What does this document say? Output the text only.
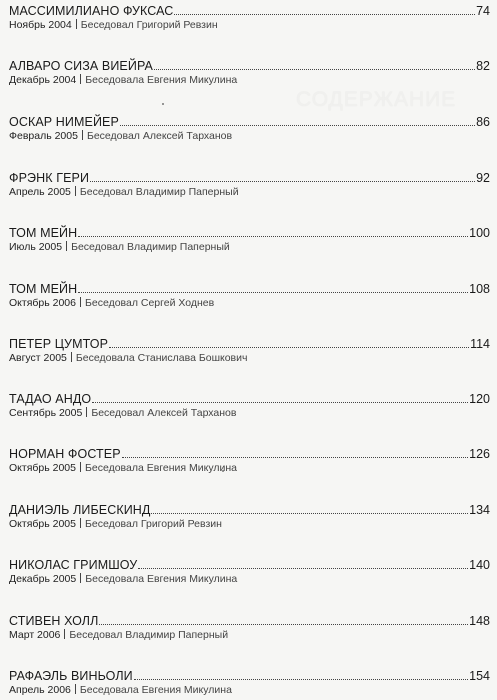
СОДЕРЖАНИЕ
МАССИМИЛИАНО ФУКСАС	74
Ноябрь 2004 Беседовал Григорий Ревзин
АЛВАРО СИЗА ВИЕЙРА	82
Декабрь 2004 Беседовала Евгения Микулина
ОСКАР НИМЕЙЕР	86
Февраль 2005 Беседовал Алексей Тарханов
ФРЭНК ГЕРИ	92
Апрель 2005 Беседовал Владимир Паперный
ТОМ МЕЙН	100
Июль 2005 Беседовал Владимир Паперный
ТОМ МЕЙН	108
Октябрь 2006 Беседовал Сергей Ходнев
ПЕТЕР ЦУМТОР	114
Август 2005 Беседовала Станислава Бошкович
ТАДАО АНДО	120
Сентябрь 2005 Беседовал Алексей Тарханов
НОРМАН ФОСТЕР	126
Октябрь 2005 Беседовала Евгения Микулина
ДАНИЭЛЬ ЛИБЕСКИНД	134
Октябрь 2005 Беседовал Григорий Ревзин
НИКОЛАС ГРИМШОУ	140
Декабрь 2005 Беседовала Евгения Микулина
СТИВЕН ХОЛЛ	148
Март 2006 Беседовал Владимир Паперный
РАФАЭЛЬ ВИНЬОЛИ	154
Апрель 2006 Беседовала Евгения Микулина
